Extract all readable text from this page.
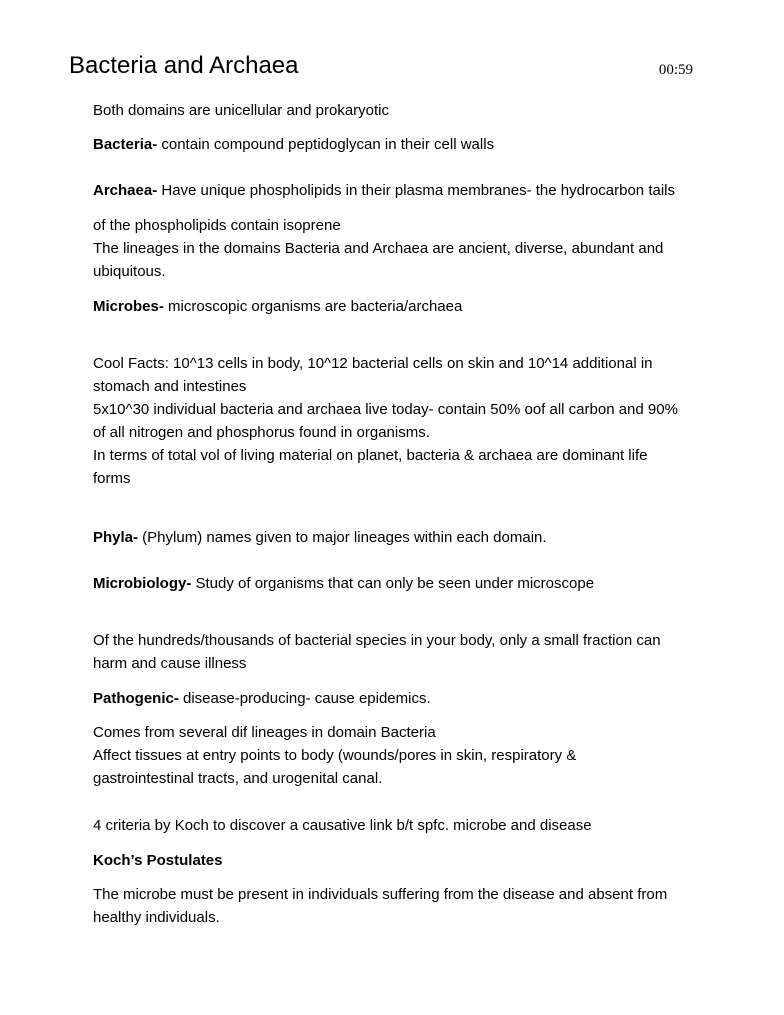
Bacteria and Archaea	00:59
Both domains are unicellular and prokaryotic
Bacteria- contain compound peptidoglycan in their cell walls
Archaea- Have unique phospholipids in their plasma membranes- the hydrocarbon tails
of the phospholipids contain isoprene
The lineages in the domains Bacteria and Archaea are ancient, diverse, abundant and
ubiquitous.
Microbes- microscopic organisms are bacteria/archaea
Cool Facts: 10^13 cells in body, 10^12 bacterial cells on skin and 10^14 additional in
stomach and intestines
5x10^30 individual bacteria and archaea live today- contain 50% oof all carbon and 90%
of all nitrogen and phosphorus found in organisms.
In terms of total vol of living material on planet, bacteria & archaea are dominant life
forms
Phyla- (Phylum) names given to major lineages within each domain.
Microbiology- Study of organisms that can only be seen under microscope
Of the hundreds/thousands of bacterial species in your body, only a small fraction can
harm and cause illness
Pathogenic- disease-producing- cause epidemics.
Comes from several dif lineages in domain Bacteria
Affect tissues at entry points to body (wounds/pores in skin, respiratory &
gastrointestinal tracts, and urogenital canal.
4 criteria by Koch to discover a causative link b/t spfc. microbe and disease
Koch’s Postulates
The microbe must be present in individuals suffering from the disease and absent from
healthy individuals.
